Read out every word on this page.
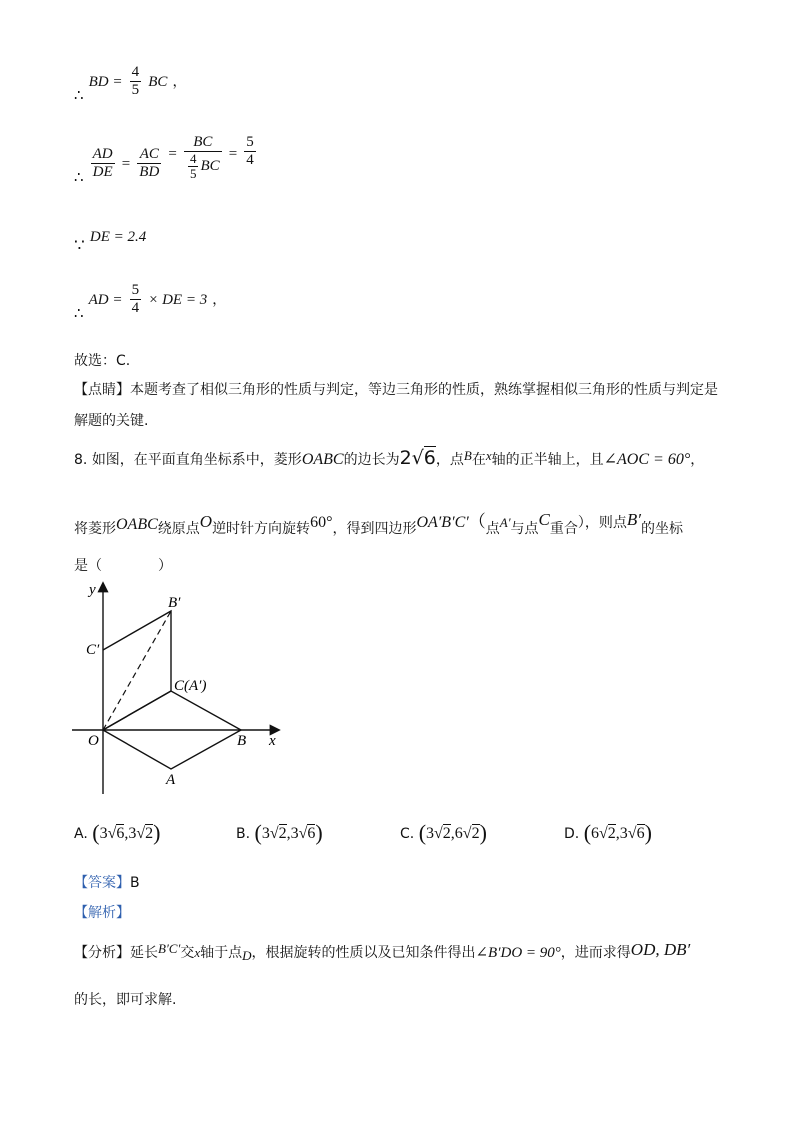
∴ BD = $\frac{4}{5}$ BC ，
∴ $\frac{AD}{DE} = \frac{AC}{BD} = \frac{BC}{\frac{4}{5} BC} = \frac{5}{4}$
∵ DE = 2.4
∴ AD = $\frac{5}{4}$ × DE = 3 ，
故选：C.
【点睛】本题考查了相似三角形的性质与判定，等边三角形的性质，熟练掌握相似三角形的性质与判定是
解题的关键.
8. 如图，在平面直角坐标系中，菱形OABC的边长为2√6，点B在x轴的正半轴上，且∠AOC = 60°，
将菱形OABC绕原点O逆时针方向旋转60°，得到四边形OA′B′C′（点A′与点C重合），则点B′的坐标
是（　　　　）
y
x
O	B
A
C(A′)
B′
C′
A. (3√6,3√2)	B. (3√2,3√6)	C. (3√2,6√2)	D. (6√2,3√6)
【答案】B
【解析】
【分析】延长B′C′交x轴于点D，根据旋转的性质以及已知条件得出∠B′DO = 90°，进而求得OD, DB′
的长，即可求解.
